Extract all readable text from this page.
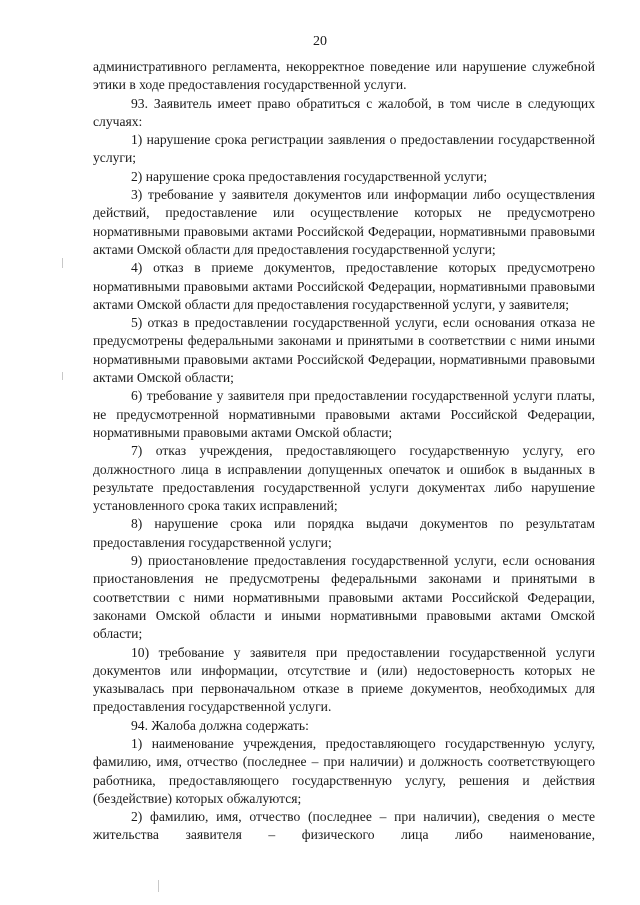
20

административного регламента, некорректное поведение или нарушение служебной этики в ходе предоставления государственной услуги.

93. Заявитель имеет право обратиться с жалобой, в том числе в следующих случаях:

1) нарушение срока регистрации заявления о предоставлении государственной услуги;

2) нарушение срока предоставления государственной услуги;

3) требование у заявителя документов или информации либо осуществления действий, предоставление или осуществление которых не предусмотрено нормативными правовыми актами Российской Федерации, нормативными правовыми актами Омской области для предоставления государственной услуги;

4) отказ в приеме документов, предоставление которых предусмотрено нормативными правовыми актами Российской Федерации, нормативными правовыми актами Омской области для предоставления государственной услуги, у заявителя;

5) отказ в предоставлении государственной услуги, если основания отказа не предусмотрены федеральными законами и принятыми в соответствии с ними иными нормативными правовыми актами Российской Федерации, нормативными правовыми актами Омской области;

6) требование у заявителя при предоставлении государственной услуги платы, не предусмотренной нормативными правовыми актами Российской Федерации, нормативными правовыми актами Омской области;

7) отказ учреждения, предоставляющего государственную услугу, его должностного лица в исправлении допущенных опечаток и ошибок в выданных в результате предоставления государственной услуги документах либо нарушение установленного срока таких исправлений;

8) нарушение срока или порядка выдачи документов по результатам предоставления государственной услуги;

9) приостановление предоставления государственной услуги, если основания приостановления не предусмотрены федеральными законами и принятыми в соответствии с ними нормативными правовыми актами Российской Федерации, законами Омской области и иными нормативными правовыми актами Омской области;

10) требование у заявителя при предоставлении государственной услуги документов или информации, отсутствие и (или) недостоверность которых не указывалась при первоначальном отказе в приеме документов, необходимых для предоставления государственной услуги.

94. Жалоба должна содержать:

1) наименование учреждения, предоставляющего государственную услугу, фамилию, имя, отчество (последнее – при наличии) и должность соответствующего работника, предоставляющего государственную услугу, решения и действия (бездействие) которых обжалуются;

2) фамилию, имя, отчество (последнее – при наличии), сведения о месте жительства заявителя – физического лица либо наименование,
